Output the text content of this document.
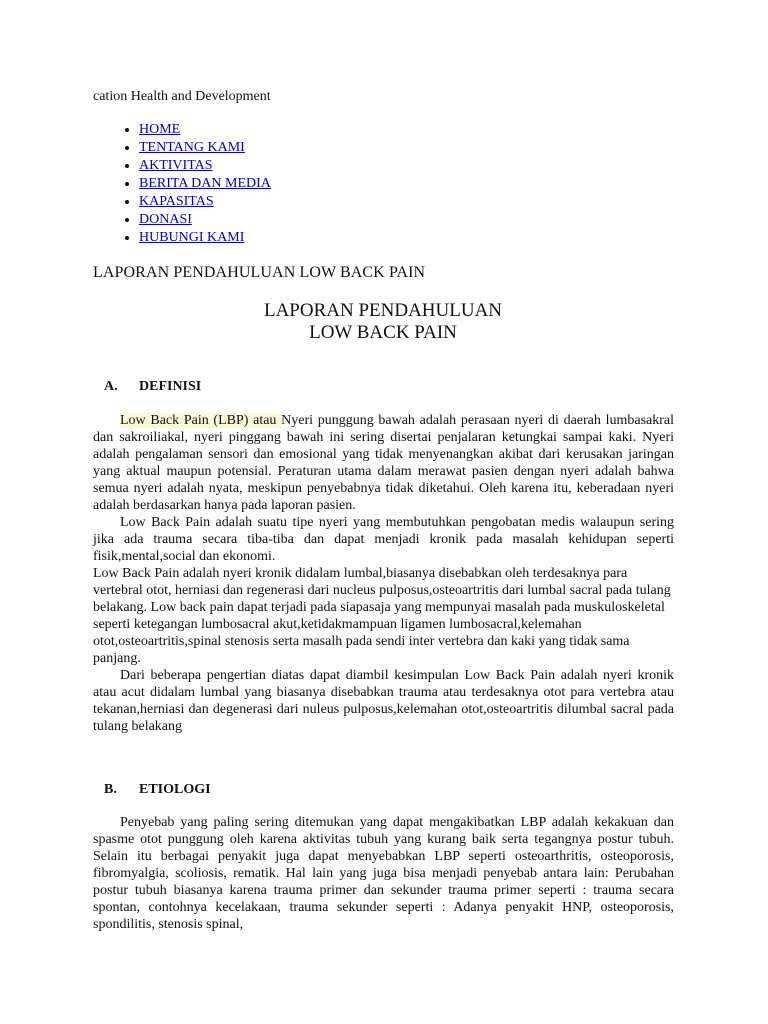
cation Health and Development

• HOME
• TENTANG KAMI
• AKTIVITAS
• BERITA DAN MEDIA
• KAPASITAS
• DONASI
• HUBUNGI KAMI
LAPORAN PENDAHULUAN LOW BACK PAIN
LAPORAN PENDAHULUAN
LOW BACK PAIN
A. DEFINISI

Low Back Pain (LBP) atau Nyeri punggung bawah adalah perasaan nyeri di daerah lumbasakral dan sakroiliakal, nyeri pinggang bawah ini sering disertai penjalaran ketungkai sampai kaki. Nyeri adalah pengalaman sensori dan emosional yang tidak menyenangkan akibat dari kerusakan jaringan yang aktual maupun potensial. Peraturan utama dalam merawat pasien dengan nyeri adalah bahwa semua nyeri adalah nyata, meskipun penyebabnya tidak diketahui. Oleh karena itu, keberadaan nyeri adalah berdasarkan hanya pada laporan pasien.

Low Back Pain adalah suatu tipe nyeri yang membutuhkan pengobatan medis walaupun sering jika ada trauma secara tiba-tiba dan dapat menjadi kronik pada masalah kehidupan seperti fisik,mental,social dan ekonomi.

Low Back Pain adalah nyeri kronik didalam lumbal,biasanya disebabkan oleh terdesaknya para vertebral otot, herniasi dan regenerasi dari nucleus pulposus,osteoartritis dari lumbal sacral pada tulang belakang. Low back pain dapat terjadi pada siapasaja yang mempunyai masalah pada muskuloskeletal seperti ketegangan lumbosacral akut,ketidakmampuan ligamen lumbosacral,kelemahan otot,osteoartritis,spinal stenosis serta masalh pada sendi inter vertebra dan kaki yang tidak sama panjang.

Dari beberapa pengertian diatas dapat diambil kesimpulan Low Back Pain adalah nyeri kronik atau acut didalam lumbal yang biasanya disebabkan trauma atau terdesaknya otot para vertebra atau tekanan,herniasi dan degenerasi dari nuleus pulposus,kelemahan otot,osteoartritis dilumbal sacral pada tulang belakang

B. ETIOLOGI

Penyebab yang paling sering ditemukan yang dapat mengakibatkan LBP adalah kekakuan dan spasme otot punggung oleh karena aktivitas tubuh yang kurang baik serta tegangnya postur tubuh. Selain itu berbagai penyakit juga dapat menyebabkan LBP seperti osteoarthritis, osteoporosis, fibromyalgia, scoliosis, rematik. Hal lain yang juga bisa menjadi penyebab antara lain: Perubahan postur tubuh biasanya karena trauma primer dan sekunder trauma primer seperti : trauma secara spontan, contohnya kecelakaan, trauma sekunder seperti : Adanya penyakit HNP, osteoporosis, spondilitis, stenosis spinal,
